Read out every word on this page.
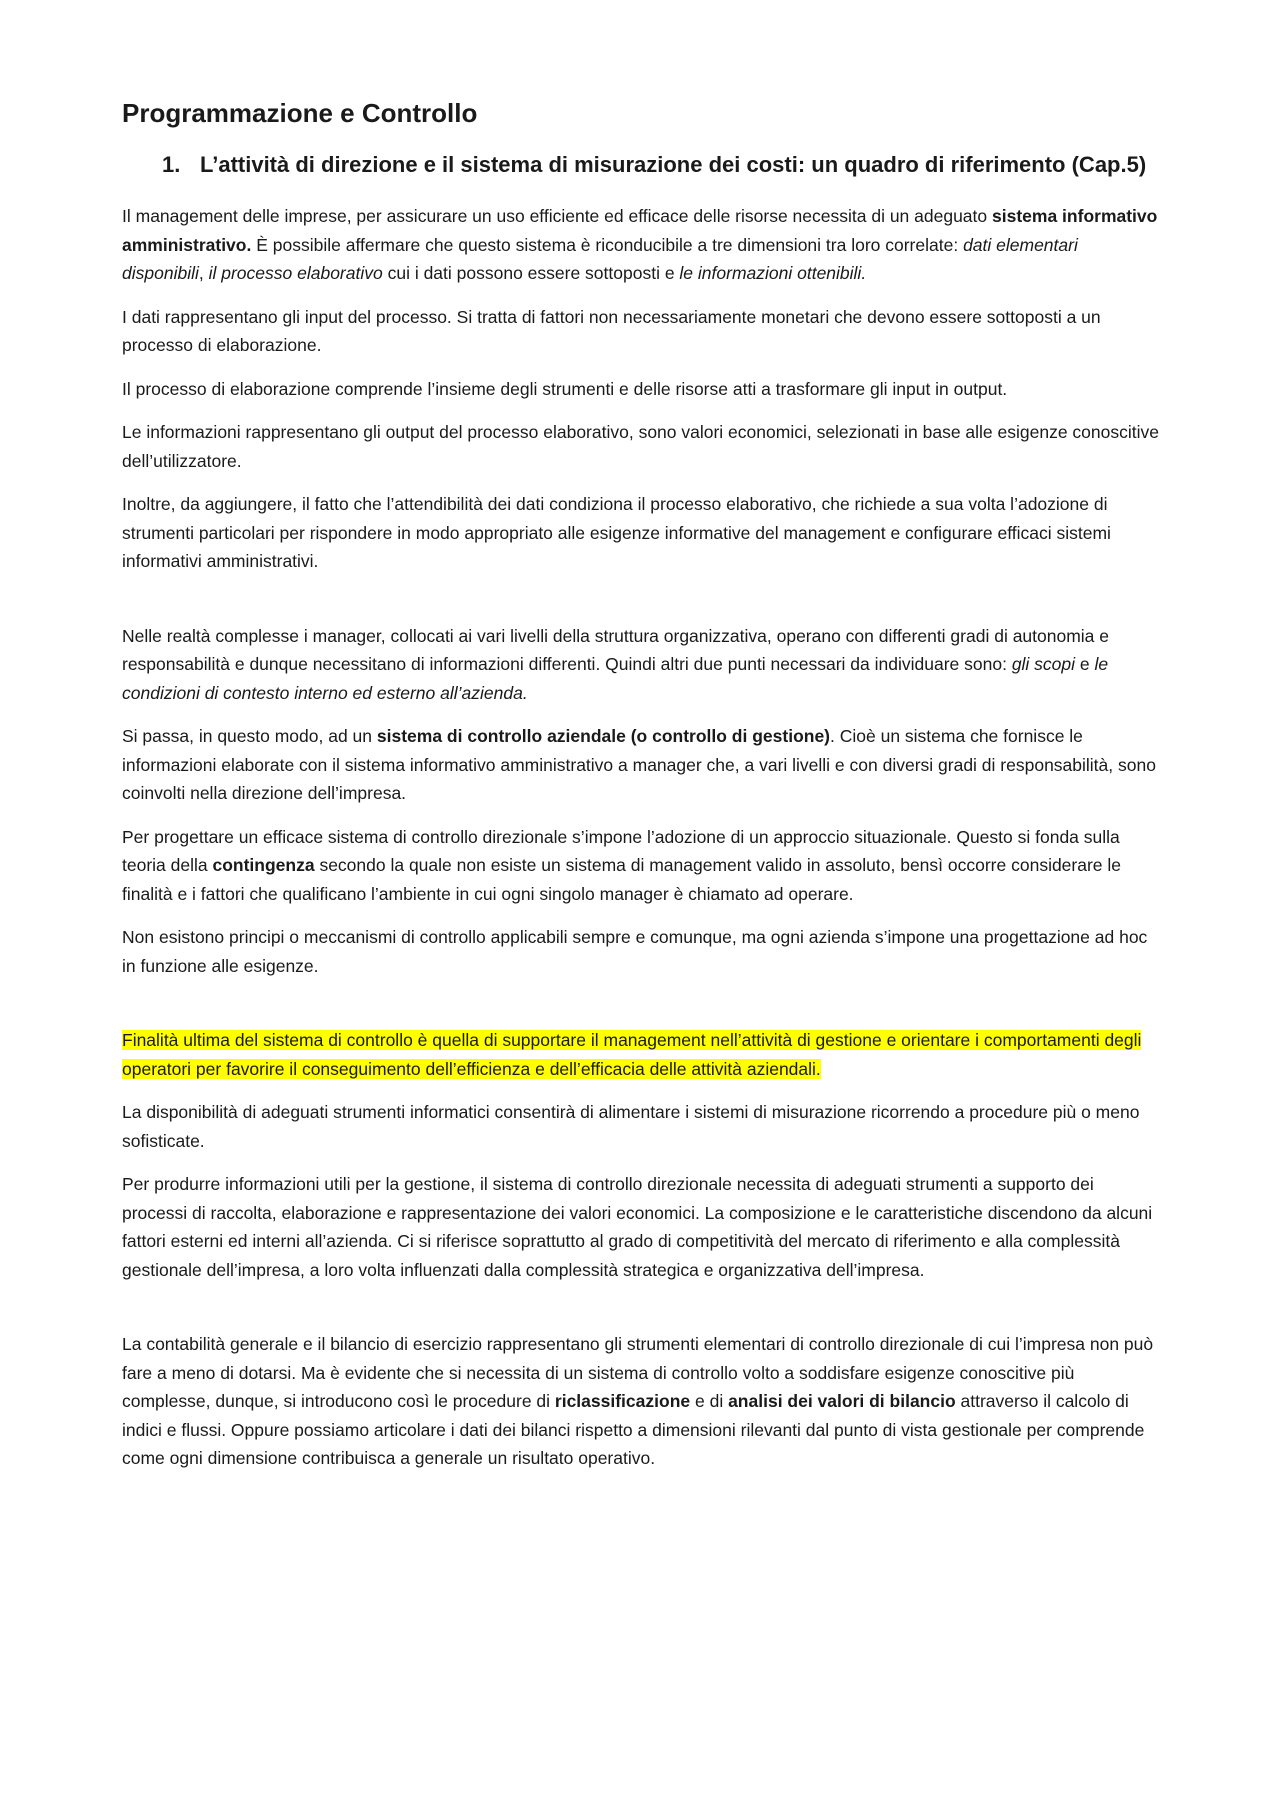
Programmazione e Controllo
1. L’attività di direzione e il sistema di misurazione dei costi: un quadro di riferimento (Cap.5)

Il management delle imprese, per assicurare un uso efficiente ed efficace delle risorse necessita di un adeguato sistema informativo amministrativo. È possibile affermare che questo sistema è riconducibile a tre dimensioni tra loro correlate: dati elementari disponibili, il processo elaborativo cui i dati possono essere sottoposti e le informazioni ottenibili.

I dati rappresentano gli input del processo. Si tratta di fattori non necessariamente monetari che devono essere sottoposti a un processo di elaborazione.

Il processo di elaborazione comprende l’insieme degli strumenti e delle risorse atti a trasformare gli input in output.

Le informazioni rappresentano gli output del processo elaborativo, sono valori economici, selezionati in base alle esigenze conoscitive dell’utilizzatore.

Inoltre, da aggiungere, il fatto che l’attendibilità dei dati condiziona il processo elaborativo, che richiede a sua volta l’adozione di strumenti particolari per rispondere in modo appropriato alle esigenze informative del management e configurare efficaci sistemi informativi amministrativi.

Nelle realtà complesse i manager, collocati ai vari livelli della struttura organizzativa, operano con differenti gradi di autonomia e responsabilità e dunque necessitano di informazioni differenti. Quindi altri due punti necessari da individuare sono: gli scopi e le condizioni di contesto interno ed esterno all’azienda.

Si passa, in questo modo, ad un sistema di controllo aziendale (o controllo di gestione). Cioè un sistema che fornisce le informazioni elaborate con il sistema informativo amministrativo a manager che, a vari livelli e con diversi gradi di responsabilità, sono coinvolti nella direzione dell’impresa.

Per progettare un efficace sistema di controllo direzionale s’impone l’adozione di un approccio situazionale. Questo si fonda sulla teoria della contingenza secondo la quale non esiste un sistema di management valido in assoluto, bensì occorre considerare le finalità e i fattori che qualificano l’ambiente in cui ogni singolo manager è chiamato ad operare.

Non esistono principi o meccanismi di controllo applicabili sempre e comunque, ma ogni azienda s’impone una progettazione ad hoc in funzione alle esigenze.

Finalità ultima del sistema di controllo è quella di supportare il management nell’attività di gestione e orientare i comportamenti degli operatori per favorire il conseguimento dell’efficienza e dell’efficacia delle attività aziendali.

La disponibilità di adeguati strumenti informatici consentirà di alimentare i sistemi di misurazione ricorrendo a procedure più o meno sofisticate.

Per produrre informazioni utili per la gestione, il sistema di controllo direzionale necessita di adeguati strumenti a supporto dei processi di raccolta, elaborazione e rappresentazione dei valori economici. La composizione e le caratteristiche discendono da alcuni fattori esterni ed interni all’azienda. Ci si riferisce soprattutto al grado di competitività del mercato di riferimento e alla complessità gestionale dell’impresa, a loro volta influenzati dalla complessità strategica e organizzativa dell’impresa.

La contabilità generale e il bilancio di esercizio rappresentano gli strumenti elementari di controllo direzionale di cui l’impresa non può fare a meno di dotarsi. Ma è evidente che si necessita di un sistema di controllo volto a soddisfare esigenze conoscitive più complesse, dunque, si introducono così le procedure di riclassificazione e di analisi dei valori di bilancio attraverso il calcolo di indici e flussi. Oppure possiamo articolare i dati dei bilanci rispetto a dimensioni rilevanti dal punto di vista gestionale per comprende come ogni dimensione contribuisca a generale un risultato operativo.
